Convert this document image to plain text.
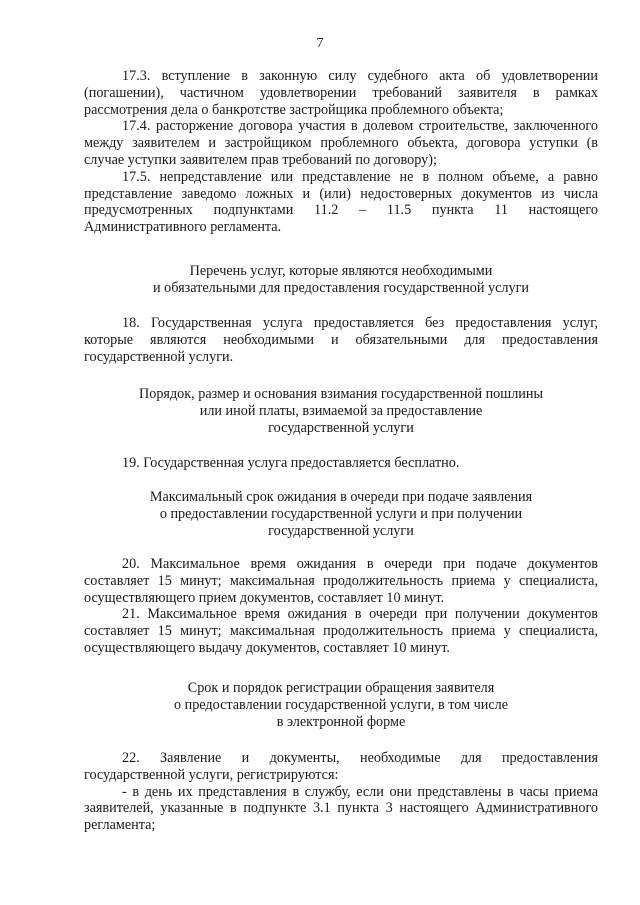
7

17.3. вступление в законную силу судебного акта об удовлетворении (погашении), частичном удовлетворении требований заявителя в рамках рассмотрения дела о банкротстве застройщика проблемного объекта;

17.4. расторжение договора участия в долевом строительстве, заключенного между заявителем и застройщиком проблемного объекта, договора уступки (в случае уступки заявителем прав требований по договору);

17.5. непредставление или представление не в полном объеме, а равно представление заведомо ложных и (или) недостоверных документов из числа предусмотренных подпунктами 11.2 – 11.5 пункта 11 настоящего Административного регламента.

Перечень услуг, которые являются необходимыми

и обязательными для предоставления государственной услуги

18. Государственная услуга предоставляется без предоставления услуг, которые являются необходимыми и обязательными для предоставления государственной услуги.

Порядок, размер и основания взимания государственной пошлины

или иной платы, взимаемой за предоставление

государственной услуги

19. Государственная услуга предоставляется бесплатно.

Максимальный срок ожидания в очереди при подаче заявления

о предоставлении государственной услуги и при получении

государственной услуги

20. Максимальное время ожидания в очереди при подаче документов составляет 15 минут; максимальная продолжительность приема у специалиста, осуществляющего прием документов, составляет 10 минут.

21. Максимальное время ожидания в очереди при получении документов составляет 15 минут; максимальная продолжительность приема у специалиста, осуществляющего выдачу документов, составляет 10 минут.

Срок и порядок регистрации обращения заявителя

о предоставлении государственной услуги, в том числе

в электронной форме

22. Заявление и документы, необходимые для предоставления государственной услуги, регистрируются:

- в день их представления в службу, если они представлены в часы приема заявителей, указанные в подпункте 3.1 пункта 3 настоящего Административного регламента;
